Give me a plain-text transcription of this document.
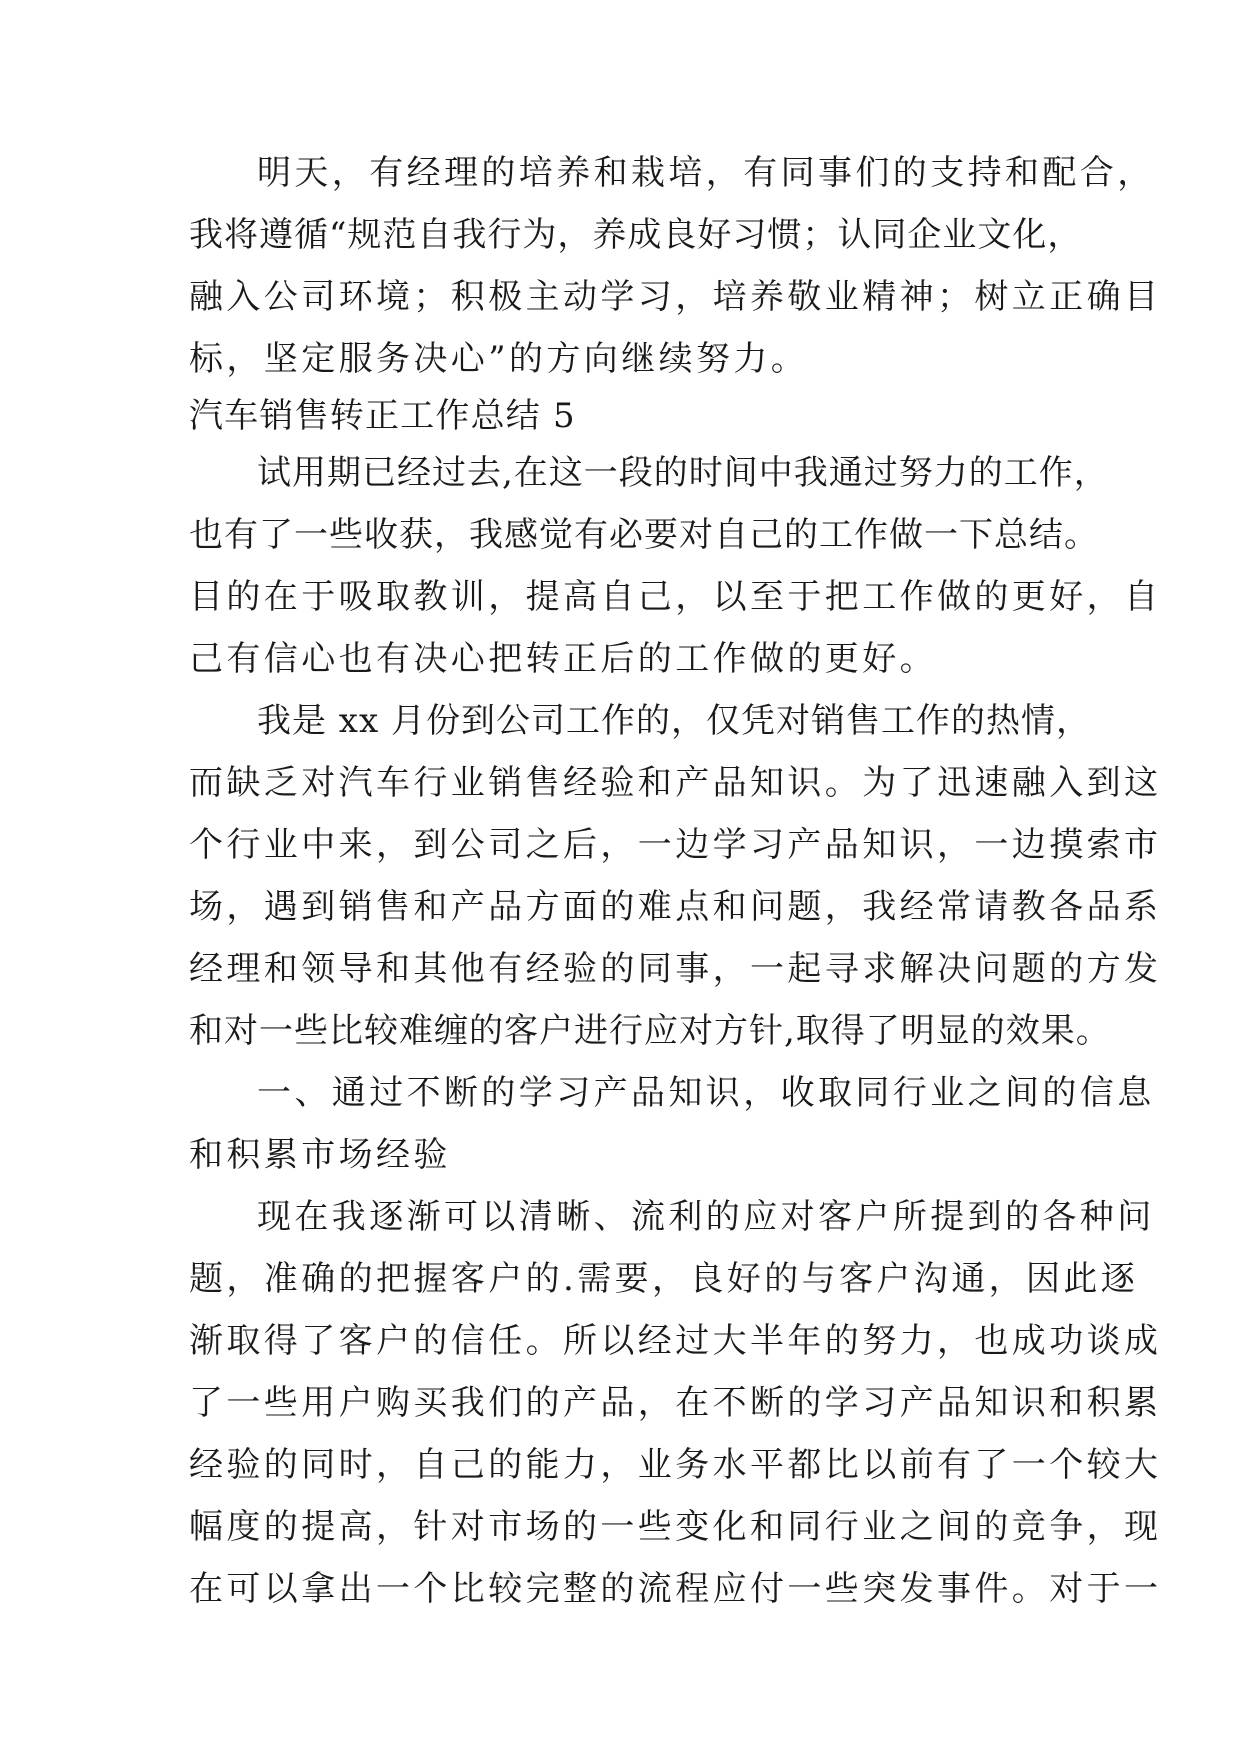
明天，有经理的培养和栽培，有同事们的支持和配合，

我将遵循“规范自我行为，养成良好习惯；认同企业文化，

融入公司环境；积极主动学习，培养敬业精神；树立正确目

标，坚定服务决心”的方向继续努力。

汽车销售转正工作总结 5

试用期已经过去,在这一段的时间中我通过努力的工作，

也有了一些收获，我感觉有必要对自己的工作做一下总结。

目的在于吸取教训，提高自己，以至于把工作做的更好，自

己有信心也有决心把转正后的工作做的更好。

我是 xx 月份到公司工作的，仅凭对销售工作的热情，

而缺乏对汽车行业销售经验和产品知识。为了迅速融入到这

个行业中来，到公司之后，一边学习产品知识，一边摸索市

场，遇到销售和产品方面的难点和问题，我经常请教各品系

经理和领导和其他有经验的同事，一起寻求解决问题的方发

和对一些比较难缠的客户进行应对方针,取得了明显的效果。

一、通过不断的学习产品知识，收取同行业之间的信息

和积累市场经验

现在我逐渐可以清晰、流利的应对客户所提到的各种问

题，准确的把握客户的.需要，良好的与客户沟通，因此逐

渐取得了客户的信任。所以经过大半年的努力，也成功谈成

了一些用户购买我们的产品，在不断的学习产品知识和积累

经验的同时，自己的能力，业务水平都比以前有了一个较大

幅度的提高，针对市场的一些变化和同行业之间的竞争，现

在可以拿出一个比较完整的流程应付一些突发事件。对于一
